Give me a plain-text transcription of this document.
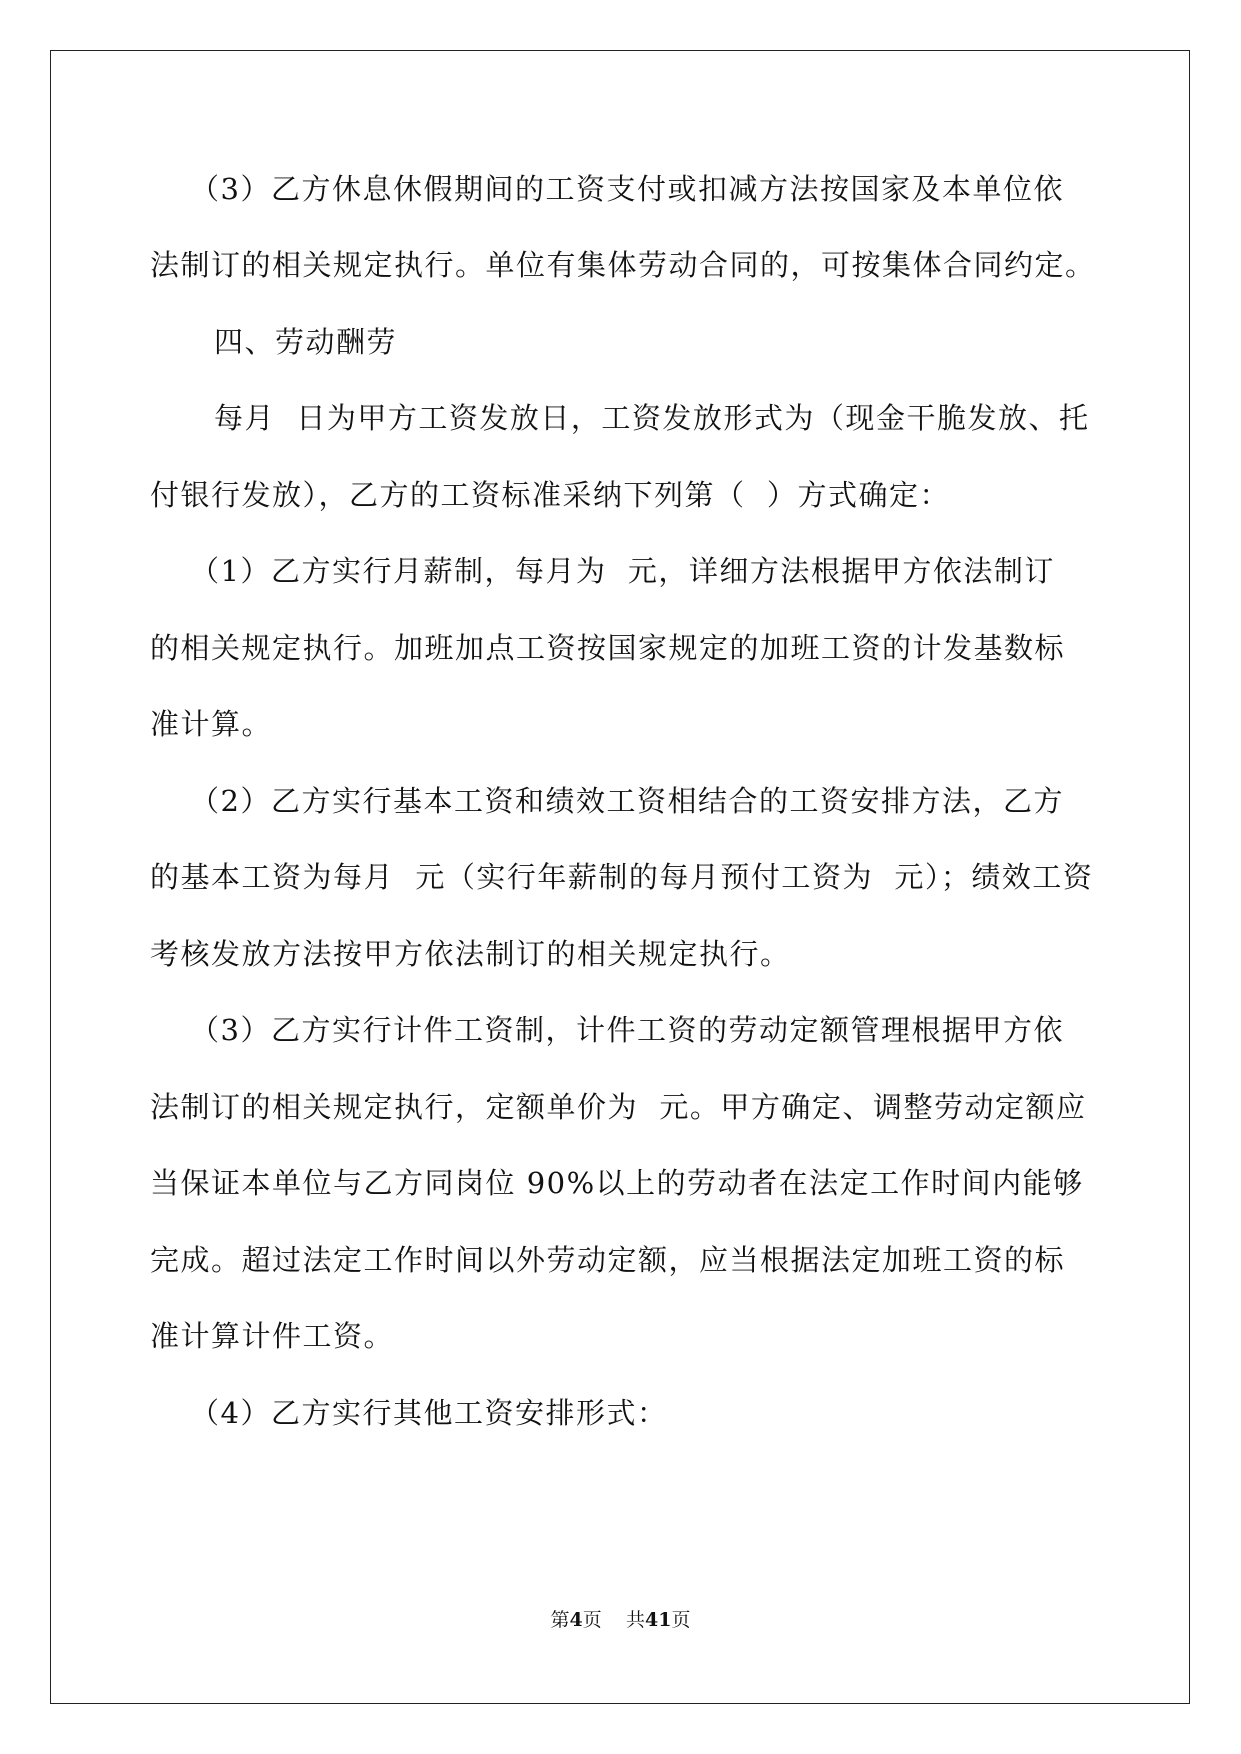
（3）乙方休息休假期间的工资支付或扣减方法按国家及本单位依
法制订的相关规定执行。单位有集体劳动合同的，可按集体合同约定。
四、劳动酬劳
每月  日为甲方工资发放日，工资发放形式为（现金干脆发放、托
付银行发放），乙方的工资标准采纳下列第（  ）方式确定：
（1）乙方实行月薪制，每月为  元，详细方法根据甲方依法制订
的相关规定执行。加班加点工资按国家规定的加班工资的计发基数标
准计算。
（2）乙方实行基本工资和绩效工资相结合的工资安排方法，乙方
的基本工资为每月  元（实行年薪制的每月预付工资为  元）；绩效工资
考核发放方法按甲方依法制订的相关规定执行。
（3）乙方实行计件工资制，计件工资的劳动定额管理根据甲方依
法制订的相关规定执行，定额单价为  元。甲方确定、调整劳动定额应
当保证本单位与乙方同岗位 90%以上的劳动者在法定工作时间内能够
完成。超过法定工作时间以外劳动定额，应当根据法定加班工资的标
准计算计件工资。
（4）乙方实行其他工资安排形式：
第4页 共41页
